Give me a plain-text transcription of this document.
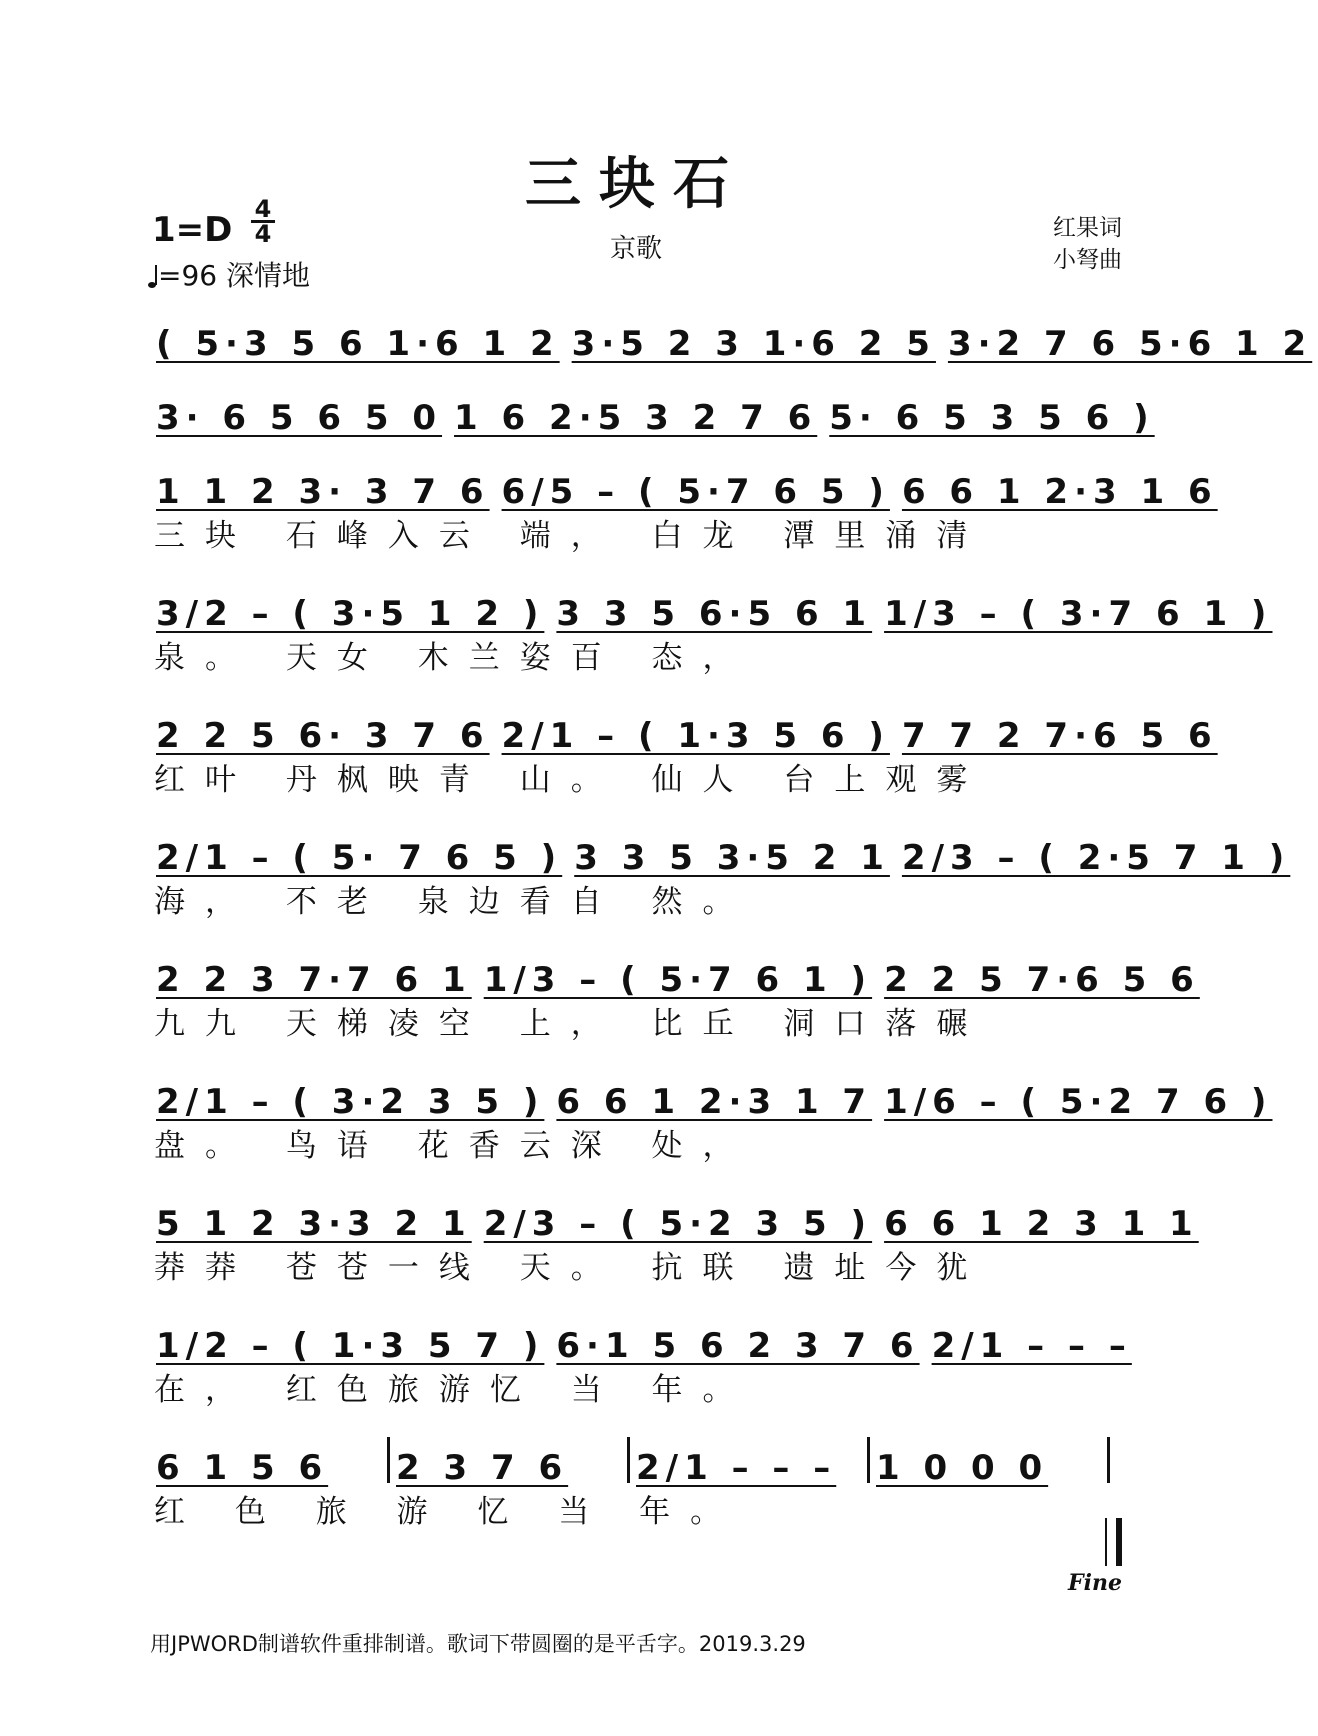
三块石
京歌
1=D
4
4
=96 深情地
红果词
小弩曲
( 5·3 5 6 1·6 1 2 3·5 2 3 1·6 2 5 3·2 7 6 5·6 1 2
3· 6 5 6 5 0 1 6 2·5 3 2 7 6 5· 6 5 3 5 6 )
1 1 2 3· 3 7 6 6/5 – ( 5·7 6 5 ) 6 6 1 2·3 1 6
三块 石峰入云 端， 白龙 潭里涌清
3/2 – ( 3·5 1 2 ) 3 3 5 6·5 6 1 1/3 – ( 3·7 6 1 )
泉。 天女 木兰姿百 态，
2 2 5 6· 3 7 6 2/1 – ( 1·3 5 6 ) 7 7 2 7·6 5 6
红叶 丹枫映青 山。 仙人 台上观雾
2/1 – ( 5· 7 6 5 ) 3 3 5 3·5 2 1 2/3 – ( 2·5 7 1 )
海， 不老 泉边看自 然。
2 2 3 7·7 6 1 1/3 – ( 5·7 6 1 ) 2 2 5 7·6 5 6
九九 天梯凌空 上， 比丘 洞口落碾
2/1 – ( 3·2 3 5 ) 6 6 1 2·3 1 7 1/6 – ( 5·2 7 6 )
盘。 鸟语 花香云深 处，
5 1 2 3·3 2 1 2/3 – ( 5·2 3 5 ) 6 6 1 2 3 1 1
莽莽 苍苍一线 天。 抗联 遗址今犹
1/2 – ( 1·3 5 7 ) 6·1 5 6 2 3 7 6 2/1 – – –
在， 红色旅游忆 当 年。
6 1 5 6	2 3 7 6	2/1 – – –	1 0 0 0
红 色 旅 游 忆 当 年。
Fine
用JPWORD制谱软件重排制谱。歌词下带圆圈的是平舌字。2019.3.29
